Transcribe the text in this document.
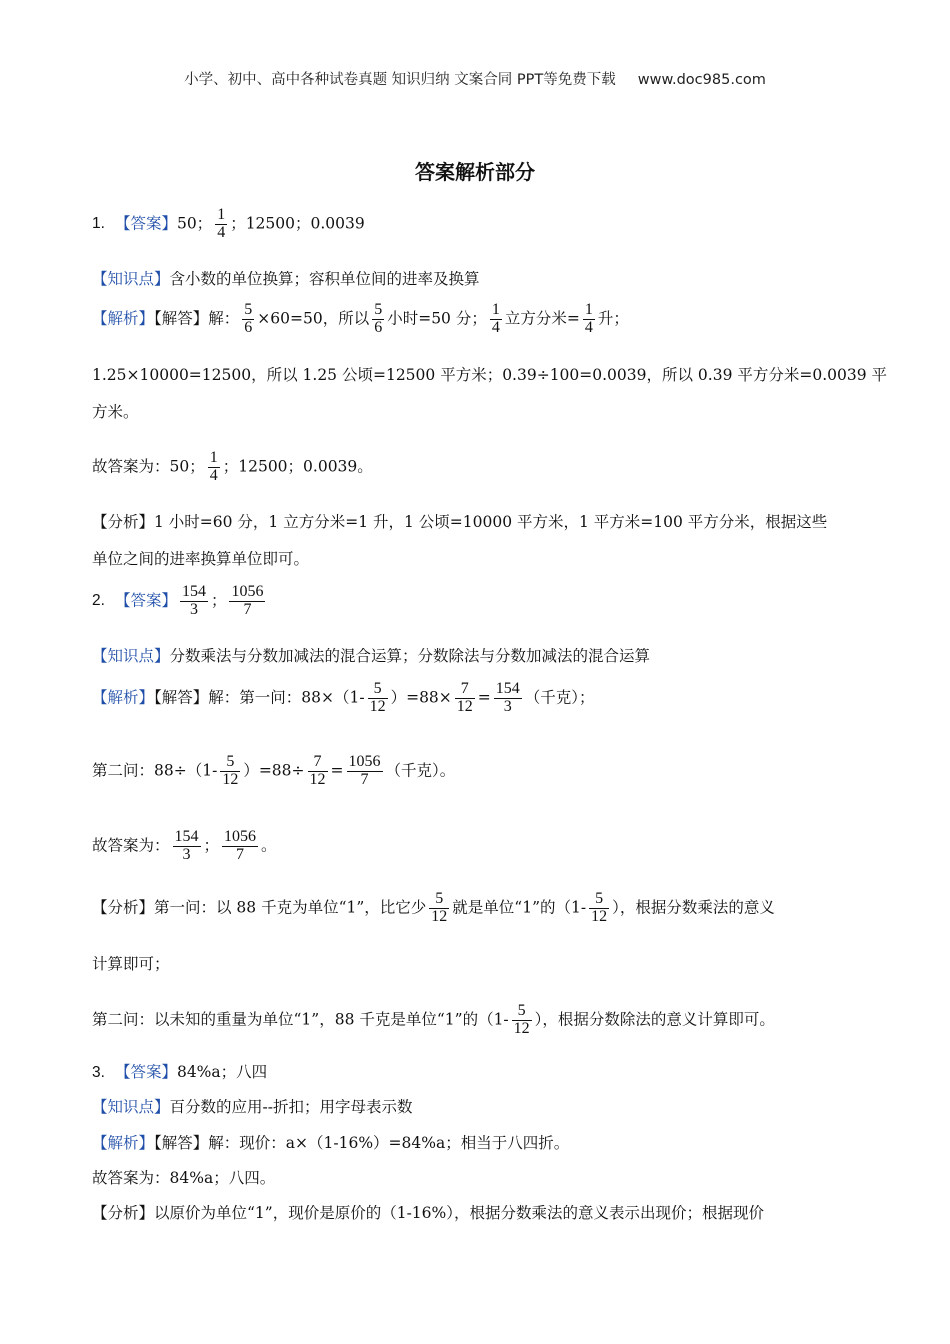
小学、初中、高中各种试卷真题 知识归纳 文案合同 PPT等免费下载 www.doc985.com
答案解析部分
1. 【答案】50； $\frac{1}{4}$ ；12500；0.0039
【知识点】含小数的单位换算；容积单位间的进率及换算
【解析】【解答】解： $\frac{5}{6} \times 60=50$，所以 $\frac{5}{6}$ 小时=50 分； $\frac{1}{4}$ 立方分米= $\frac{1}{4}$ 升；
1.25×10000=12500，所以 1.25 公顷=12500 平方米；0.39÷100=0.0039，所以 0.39 平方分米=0.0039 平
方米。
故答案为：50； $\frac{1}{4}$ ；12500；0.0039。
【分析】1 小时=60 分，1 立方分米=1 升，1 公顷=10000 平方米，1 平方米=100 平方分米，根据这些
单位之间的进率换算单位即可。
2. 【答案】 $\frac{154}{3}$ ； $\frac{1056}{7}$
【知识点】分数乘法与分数加减法的混合运算；分数除法与分数加减法的混合运算
【解析】【解答】解：第一问：$88\times(1- \frac{5}{12} )=88\times \frac{7}{12} = \frac{154}{3}$ （千克）；
第二问：$88\div(1- \frac{5}{12} )=88\div \frac{7}{12} = \frac{1056}{7}$ （千克）。
故答案为： $\frac{154}{3}$ ； $\frac{1056}{7}$ 。
【分析】第一问：以 88 千克为单位“1”，比它少 $\frac{5}{12}$ 就是单位“1”的（$1- \frac{5}{12}$ ），根据分数乘法的意义
计算即可；
第二问：以未知的重量为单位“1”，88 千克是单位“1”的（$1- \frac{5}{12}$ ），根据分数除法的意义计算即可。
3. 【答案】84%a；八四
【知识点】百分数的应用--折扣；用字母表示数
【解析】【解答】解：现价：a×（1-16%）=84%a；相当于八四折。
故答案为：84%a；八四。
【分析】以原价为单位“1”，现价是原价的（1-16%），根据分数乘法的意义表示出现价；根据现价
